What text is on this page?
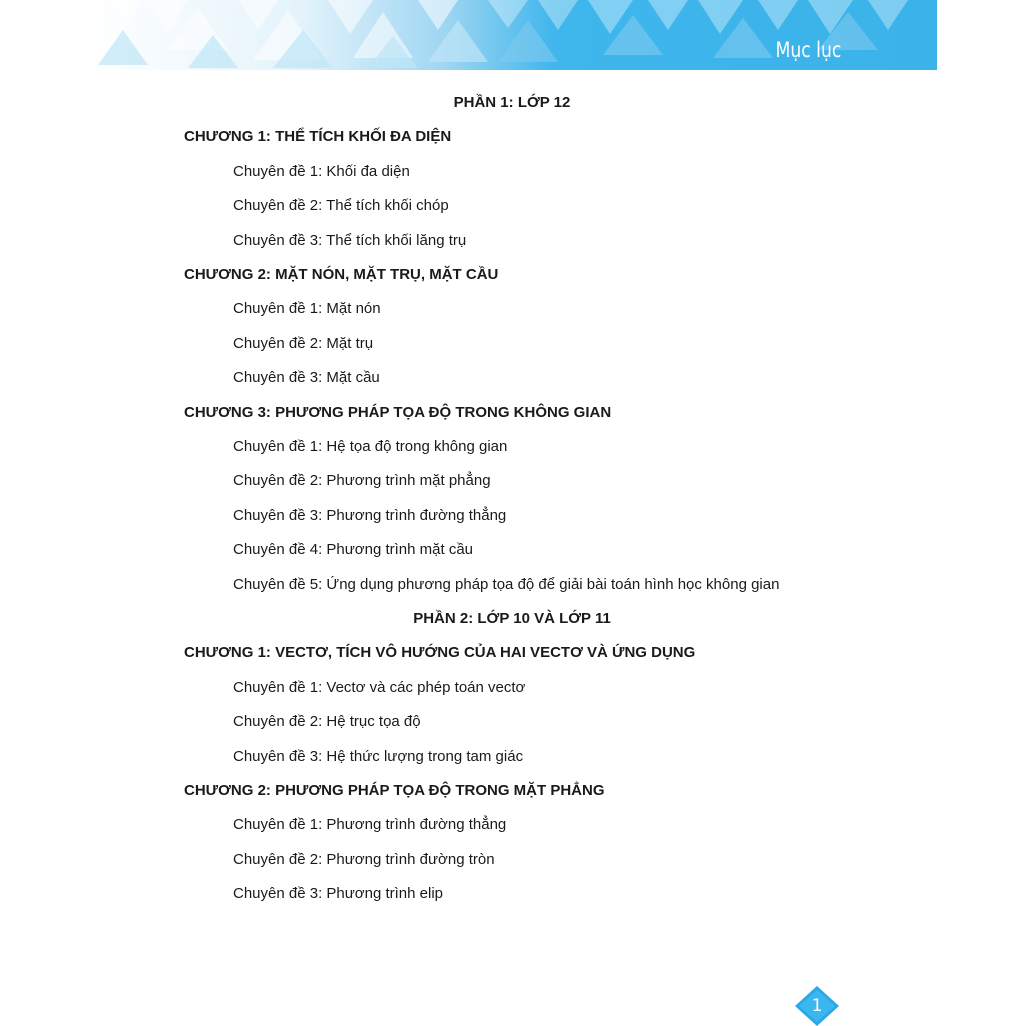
Mục lục
PHẦN 1: LỚP 12
CHƯƠNG 1: THỂ TÍCH KHỐI ĐA DIỆN
Chuyên đề 1: Khối đa diện
Chuyên đề 2: Thể tích khối chóp
Chuyên đề 3: Thể tích khối lăng trụ
CHƯƠNG 2: MẶT NÓN, MẶT TRỤ, MẶT CẦU
Chuyên đề 1: Mặt nón
Chuyên đề 2: Mặt trụ
Chuyên đề 3: Mặt cầu
CHƯƠNG 3: PHƯƠNG PHÁP TỌA ĐỘ TRONG KHÔNG GIAN
Chuyên đề 1: Hệ tọa độ trong không gian
Chuyên đề 2: Phương trình mặt phẳng
Chuyên đề 3: Phương trình đường thẳng
Chuyên đề 4: Phương trình mặt cầu
Chuyên đề 5: Ứng dụng phương pháp tọa độ để giải bài toán hình học không gian
PHẦN 2: LỚP 10 VÀ LỚP 11
CHƯƠNG 1: VECTƠ, TÍCH VÔ HƯỚNG CỦA HAI VECTƠ VÀ ỨNG DỤNG
Chuyên đề 1: Vectơ và các phép toán vectơ
Chuyên đề 2: Hệ trục tọa độ
Chuyên đề 3: Hệ thức lượng trong tam giác
CHƯƠNG 2: PHƯƠNG PHÁP TỌA ĐỘ TRONG MẶT PHẲNG
Chuyên đề 1: Phương trình đường thẳng
Chuyên đề 2: Phương trình đường tròn
Chuyên đề 3: Phương trình elip
1
